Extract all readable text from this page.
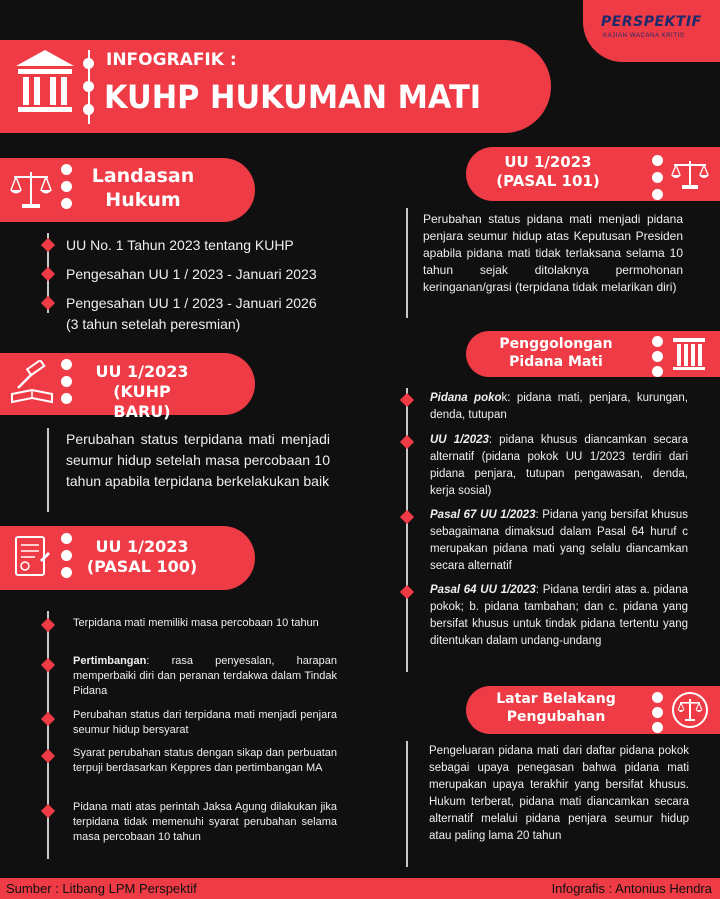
PERSPEKTIF
KAJIAN WACANA KRITIS
INFOGRAFIK :
KUHP HUKUMAN MATI
Landasan
Hukum
UU No. 1 Tahun 2023 tentang KUHP
Pengesahan UU 1 / 2023 - Januari 2023
Pengesahan UU 1 / 2023 - Januari 2026
(3 tahun setelah peresmian)
UU 1/2023
(KUHP BARU)
Perubahan status terpidana mati menjadi seumur hidup setelah masa percobaan 10 tahun apabila terpidana berkelakukan baik
UU 1/2023
(PASAL 100)
Terpidana mati memiliki masa percobaan 10 tahun
Pertimbangan: rasa penyesalan, harapan memperbaiki diri dan peranan terdakwa dalam Tindak Pidana
Perubahan status dari terpidana mati menjadi penjara seumur hidup bersyarat
Syarat perubahan status dengan sikap dan perbuatan terpuji berdasarkan Keppres dan pertimbangan MA
Pidana mati atas perintah Jaksa Agung dilakukan jika terpidana tidak memenuhi syarat perubahan selama masa percobaan 10 tahun
UU 1/2023
(PASAL 101)
Perubahan status pidana mati menjadi pidana penjara seumur hidup atas Keputusan Presiden apabila pidana mati tidak terlaksana selama 10 tahun sejak ditolaknya permohonan keringanan/grasi (terpidana tidak melarikan diri)
Penggolongan
Pidana Mati
Pidana pokok: pidana mati, penjara, kurungan, denda, tutupan
UU 1/2023: pidana khusus diancamkan secara alternatif (pidana pokok UU 1/2023 terdiri dari pidana penjara, tutupan pengawasan, denda, kerja sosial)
Pasal 67 UU 1/2023: Pidana yang bersifat khusus sebagaimana dimaksud dalam Pasal 64 huruf c merupakan pidana mati yang selalu diancamkan secara alternatif
Pasal 64 UU 1/2023: Pidana terdiri atas a. pidana pokok; b. pidana tambahan; dan c. pidana yang bersifat khusus untuk tindak pidana tertentu yang ditentukan dalam undang-undang
Latar Belakang
Pengubahan
Pengeluaran pidana mati dari daftar pidana pokok sebagai upaya penegasan bahwa pidana mati merupakan upaya terakhir yang bersifat khusus. Hukum terberat, pidana mati diancamkan secara alternatif melalui pidana penjara seumur hidup atau paling lama 20 tahun
Sumber : Litbang LPM Perspektif	Infografis : Antonius Hendra
